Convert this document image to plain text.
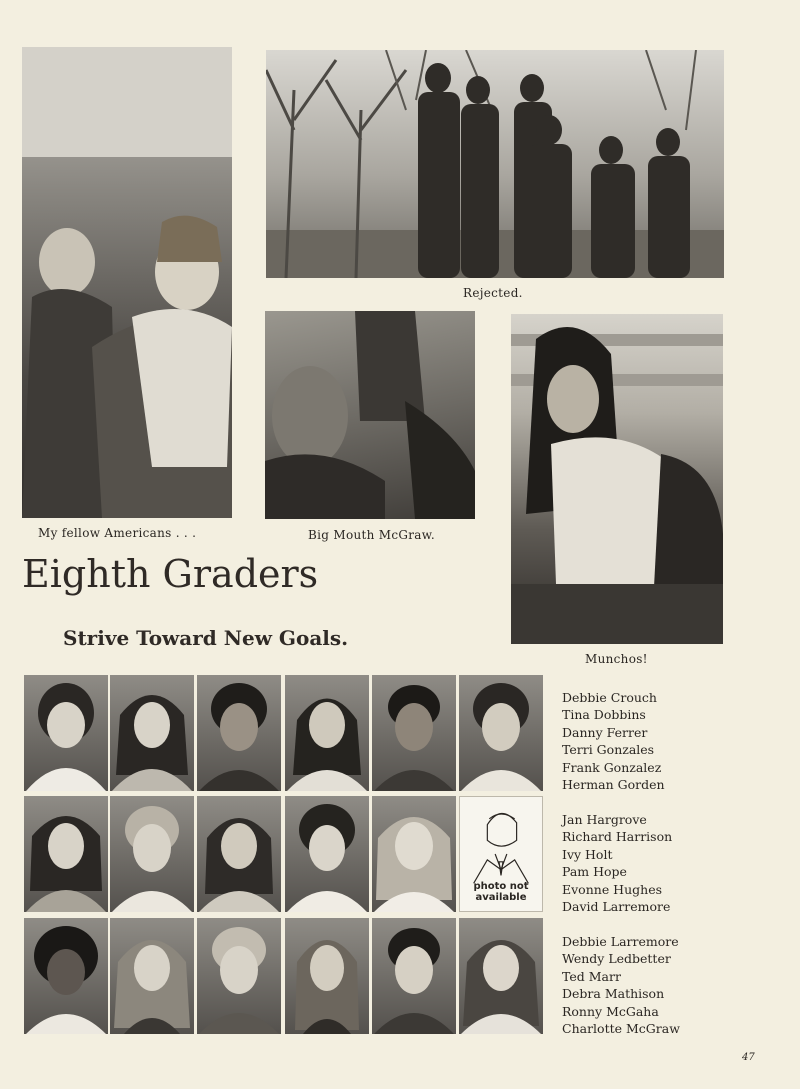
My fellow Americans . . .
Rejected.
Big Mouth McGraw.
Munchos!
Eighth Graders
Strive Toward New Goals.
photo not
available
Debbie Crouch
Tina Dobbins
Danny Ferrer
Terri Gonzales
Frank Gonzalez
Herman Gorden
Jan Hargrove
Richard Harrison
Ivy Holt
Pam Hope
Evonne Hughes
David Larremore
Debbie Larremore
Wendy Ledbetter
Ted Marr
Debra Mathison
Ronny McGaha
Charlotte McGraw
47
